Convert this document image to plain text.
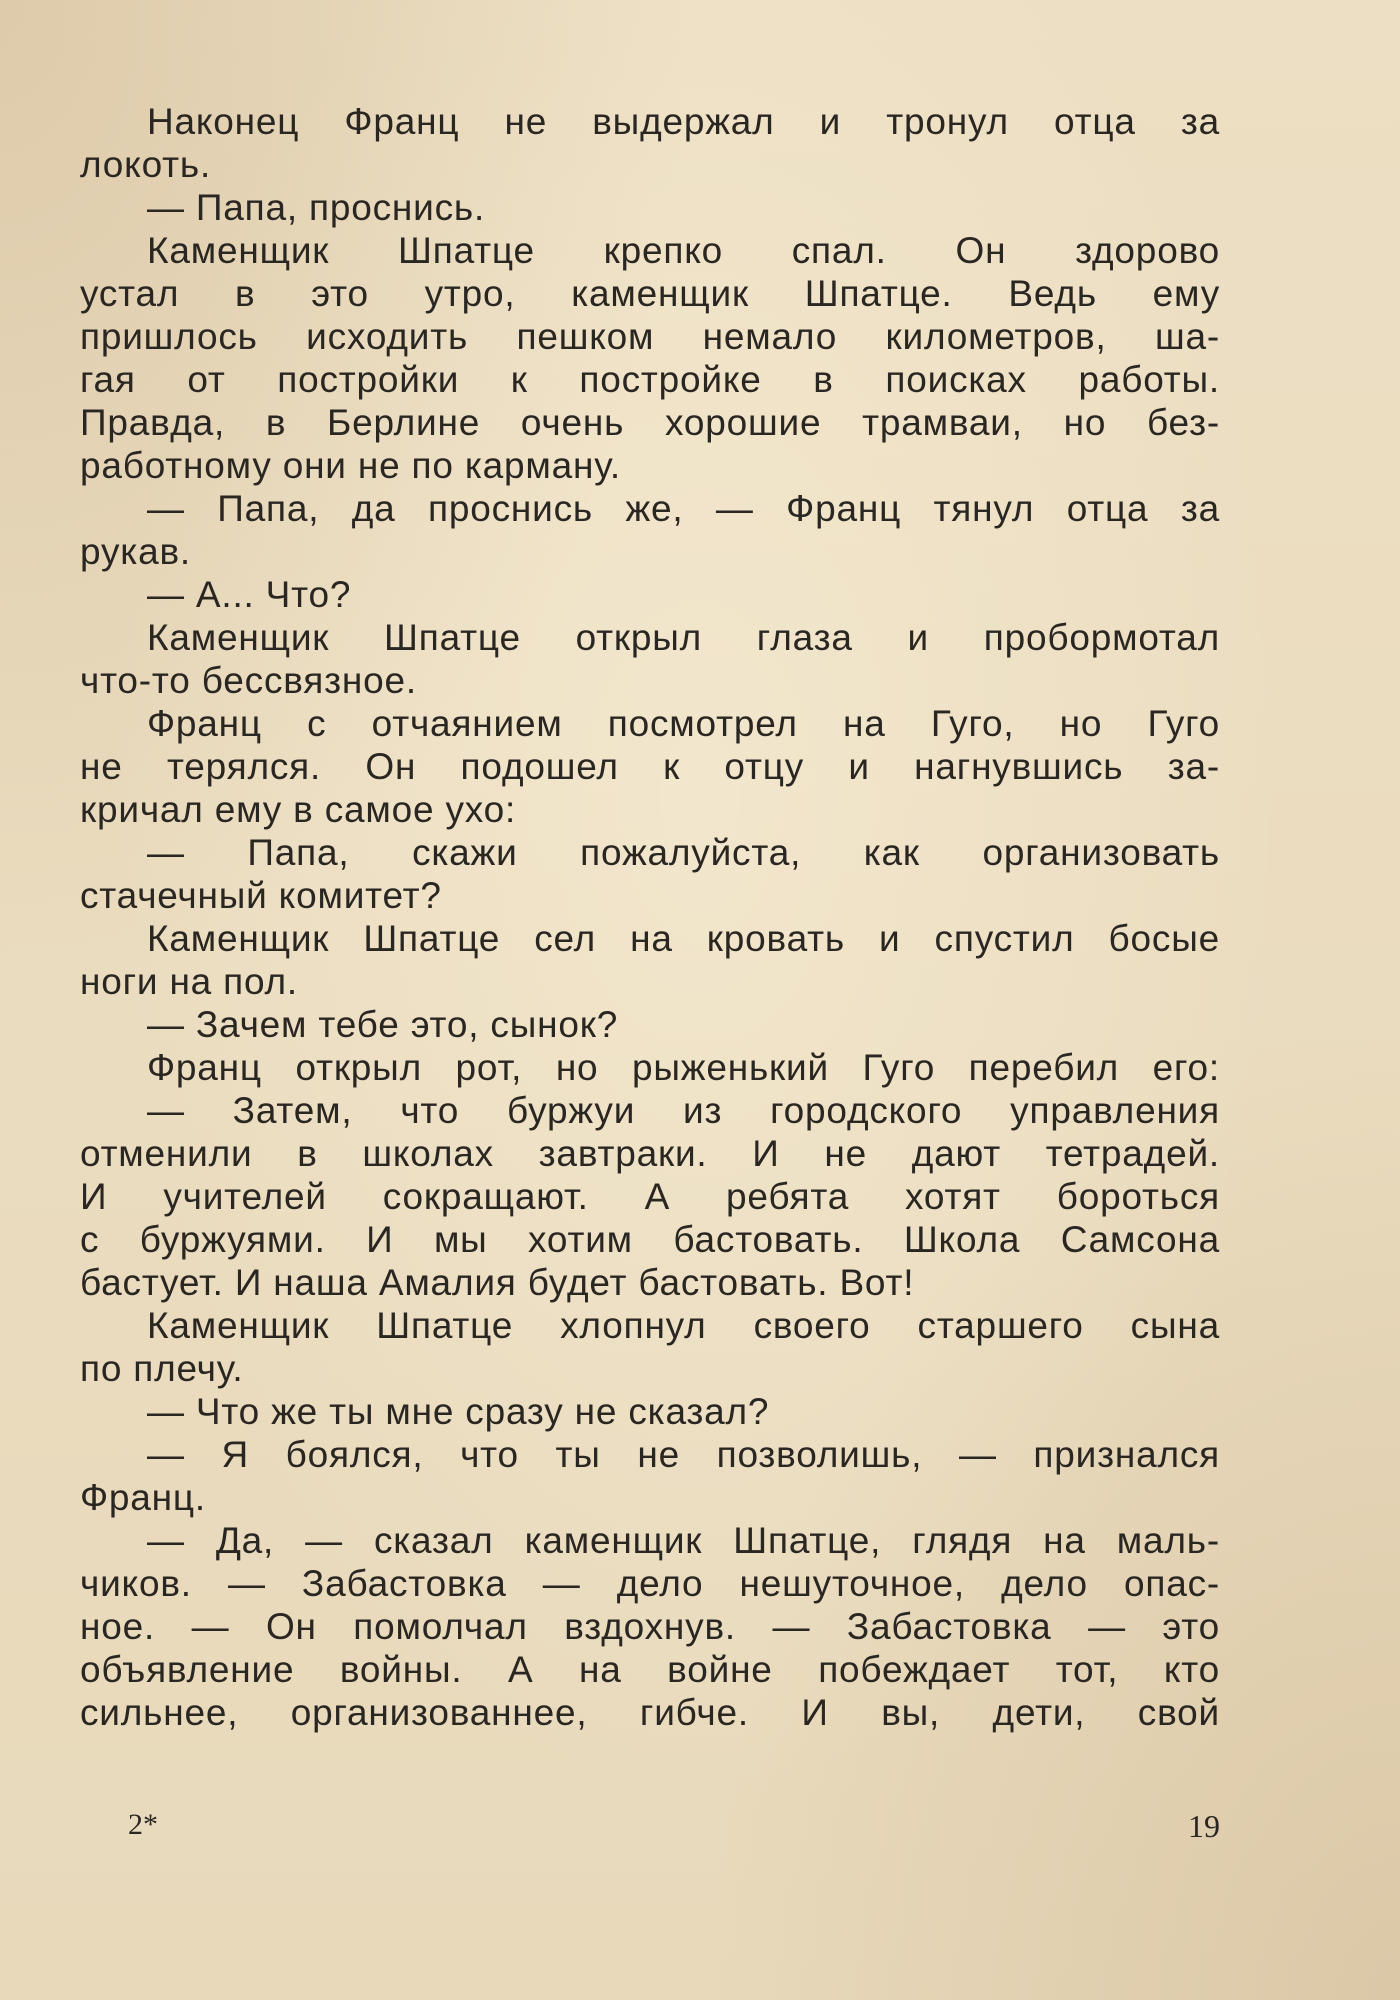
Наконец Франц не выдержал и тронул отца за
локоть.
— Папа, проснись.
Каменщик Шпатце крепко спал. Он здорово
устал в это утро, каменщик Шпатце. Ведь ему
пришлось исходить пешком немало километров, ша-
гая от постройки к постройке в поисках работы.
Правда, в Берлине очень хорошие трамваи, но без-
работному они не по карману.
— Папа, да проснись же, — Франц тянул отца за
рукав.
— А... Что?
Каменщик Шпатце открыл глаза и пробормотал
что-то бессвязное.
Франц с отчаянием посмотрел на Гуго, но Гуго
не терялся. Он подошел к отцу и нагнувшись за-
кричал ему в самое ухо:
— Папа, скажи пожалуйста, как организовать
стачечный комитет?
Каменщик Шпатце сел на кровать и спустил босые
ноги на пол.
— Зачем тебе это, сынок?
Франц открыл рот, но рыженький Гуго перебил его:
— Затем, что буржуи из городского управления
отменили в школах завтраки. И не дают тетрадей.
И учителей сокращают. А ребята хотят бороться
с буржуями. И мы хотим бастовать. Школа Самсона
бастует. И наша Амалия будет бастовать. Вот!
Каменщик Шпатце хлопнул своего старшего сына
по плечу.
— Что же ты мне сразу не сказал?
— Я боялся, что ты не позволишь, — признался
Франц.
— Да, — сказал каменщик Шпатце, глядя на маль-
чиков. — Забастовка — дело нешуточное, дело опас-
ное. — Он помолчал вздохнув. — Забастовка — это
объявление войны. А на войне побеждает тот, кто
сильнее, организованнее, гибче. И вы, дети, свой
2*	19
